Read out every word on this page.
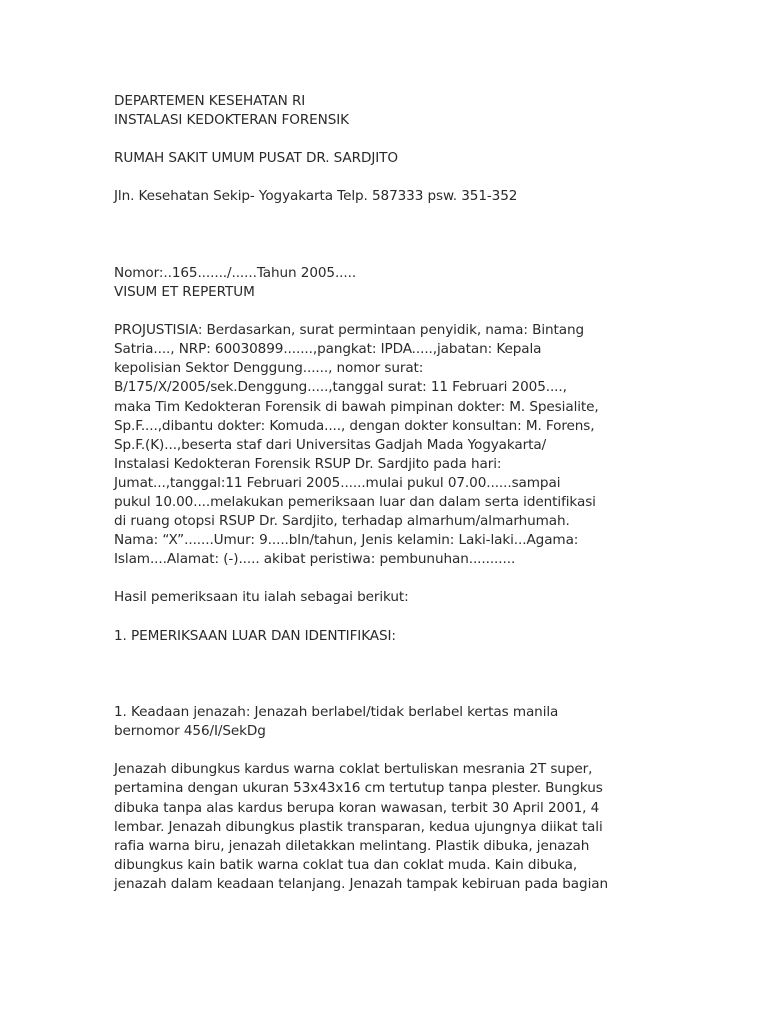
DEPARTEMEN KESEHATAN RI
INSTALASI KEDOKTERAN FORENSIK
RUMAH SAKIT UMUM PUSAT DR. SARDJITO
Jln. Kesehatan Sekip- Yogyakarta Telp. 587333 psw. 351-352
Nomor:..165......./......Tahun 2005.....
VISUM ET REPERTUM
PROJUSTISIA: Berdasarkan, surat permintaan penyidik, nama: Bintang
Satria...., NRP: 60030899.......,pangkat: IPDA.....,jabatan: Kepala
kepolisian Sektor Denggung......, nomor surat:
B/175/X/2005/sek.Denggung.....,tanggal surat: 11 Februari 2005....,
maka Tim Kedokteran Forensik di bawah pimpinan dokter: M. Spesialite,
Sp.F....,dibantu dokter: Komuda...., dengan dokter konsultan: M. Forens,
Sp.F.(K)...,beserta staf dari Universitas Gadjah Mada Yogyakarta/
Instalasi Kedokteran Forensik RSUP Dr. Sardjito pada hari:
Jumat...,tanggal:11 Februari 2005......mulai pukul 07.00......sampai
pukul 10.00....melakukan pemeriksaan luar dan dalam serta identifikasi
di ruang otopsi RSUP Dr. Sardjito, terhadap almarhum/almarhumah.
Nama: “X”.......Umur: 9.....bln/tahun, Jenis kelamin: Laki-laki...Agama:
Islam....Alamat: (-)..... akibat peristiwa: pembunuhan...........
Hasil pemeriksaan itu ialah sebagai berikut:
1. PEMERIKSAAN LUAR DAN IDENTIFIKASI:
1. Keadaan jenazah: Jenazah berlabel/tidak berlabel kertas manila
bernomor 456/I/SekDg
Jenazah dibungkus kardus warna coklat bertuliskan mesrania 2T super,
pertamina dengan ukuran 53x43x16 cm tertutup tanpa plester. Bungkus
dibuka tanpa alas kardus berupa koran wawasan, terbit 30 April 2001, 4
lembar. Jenazah dibungkus plastik transparan, kedua ujungnya diikat tali
rafia warna biru, jenazah diletakkan melintang. Plastik dibuka, jenazah
dibungkus kain batik warna coklat tua dan coklat muda. Kain dibuka,
jenazah dalam keadaan telanjang. Jenazah tampak kebiruan pada bagian
